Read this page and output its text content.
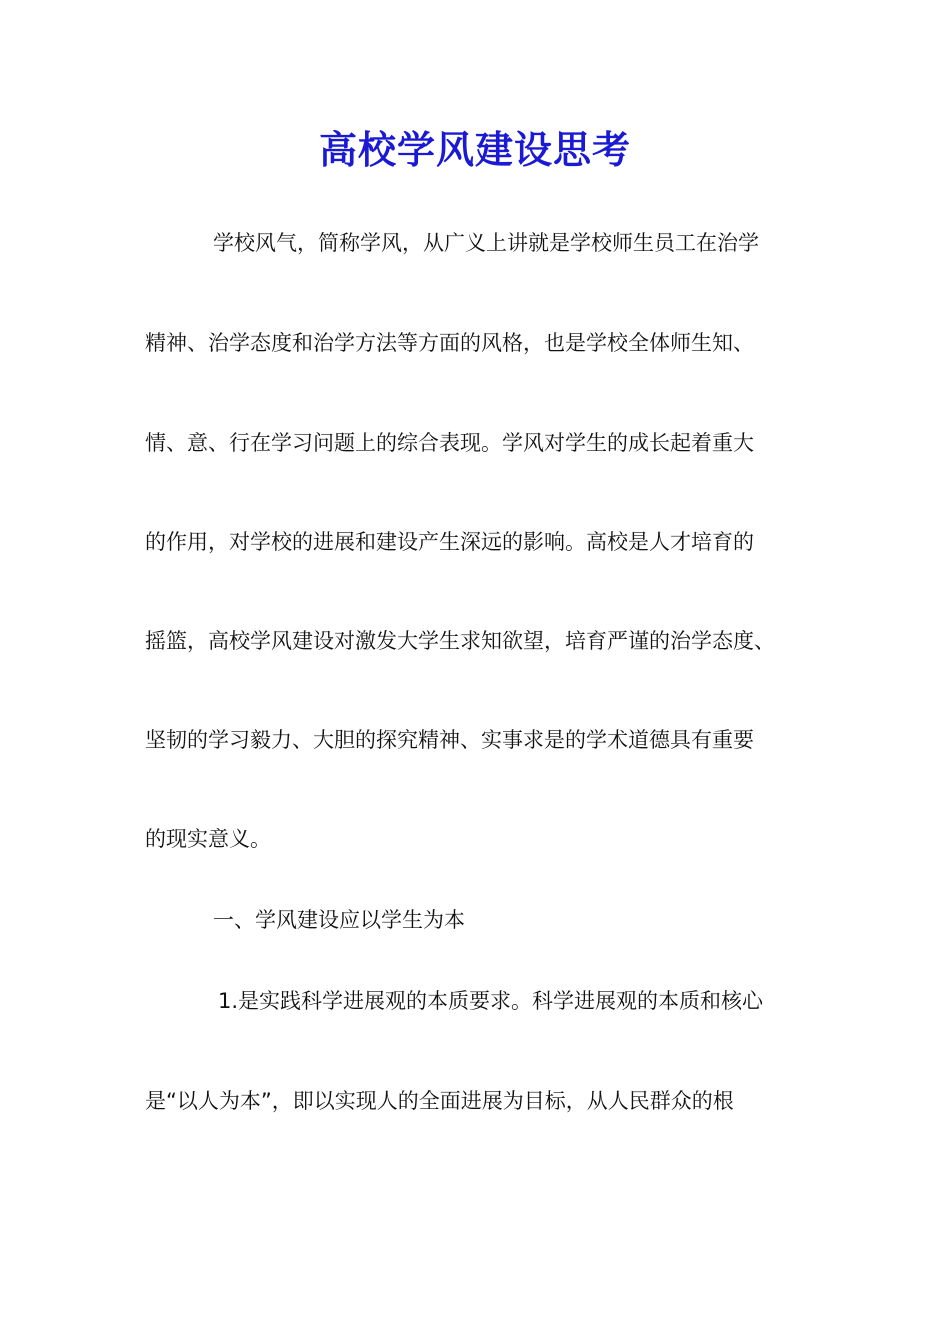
高校学风建设思考

学校风气，简称学风，从广义上讲就是学校师生员工在治学

精神、治学态度和治学方法等方面的风格，也是学校全体师生知、

情、意、行在学习问题上的综合表现。学风对学生的成长起着重大

的作用，对学校的进展和建设产生深远的影响。高校是人才培育的

摇篮，高校学风建设对激发大学生求知欲望，培育严谨的治学态度、

坚韧的学习毅力、大胆的探究精神、实事求是的学术道德具有重要

的现实意义。

一、学风建设应以学生为本

1.是实践科学进展观的本质要求。科学进展观的本质和核心

是“以人为本”，即以实现人的全面进展为目标，从人民群众的根
